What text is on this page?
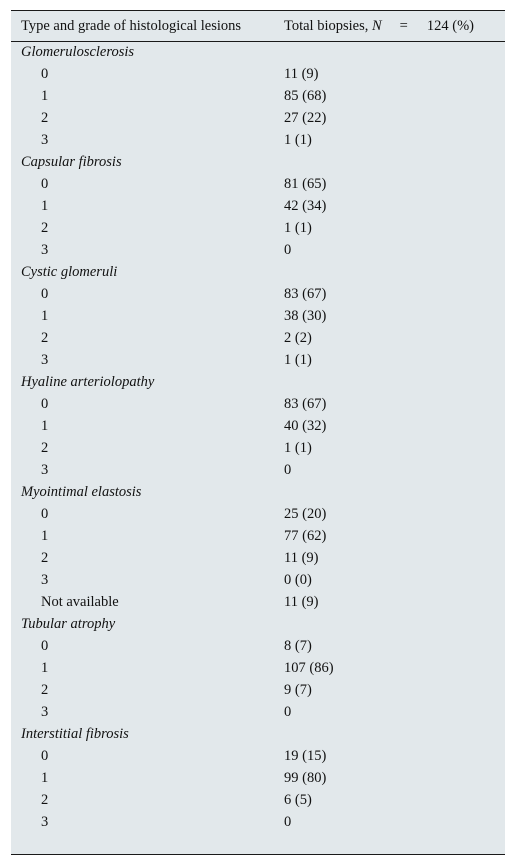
Type and grade of histological lesions	Total biopsies, N = 124 (%)
Glomerulosclerosis
0	11 (9)
1	85 (68)
2	27 (22)
3	1 (1)
Capsular fibrosis
0	81 (65)
1	42 (34)
2	1 (1)
3	0
Cystic glomeruli
0	83 (67)
1	38 (30)
2	2 (2)
3	1 (1)
Hyaline arteriolopathy
0	83 (67)
1	40 (32)
2	1 (1)
3	0
Myointimal elastosis
0	25 (20)
1	77 (62)
2	11 (9)
3	0 (0)
Not available	11 (9)
Tubular atrophy
0	8 (7)
1	107 (86)
2	9 (7)
3	0
Interstitial fibrosis
0	19 (15)
1	99 (80)
2	6 (5)
3	0
